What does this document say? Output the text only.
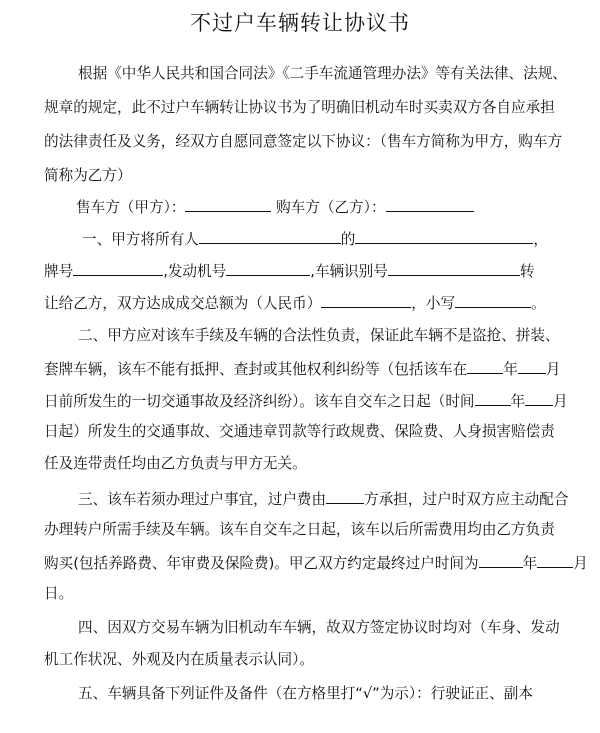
不过户车辆转让协议书
根据《中华人民共和国合同法》《二手车流通管理办法》等有关法律、法规、
规章的规定，此不过户车辆转让协议书为了明确旧机动车时买卖双方各自应承担
的法律责任及义务，经双方自愿同意签定以下协议：（售车方简称为甲方，购车方
简称为乙方）
售车方（甲方）：	购车方（乙方）：
一、甲方将所有人	的	，
牌号	,发动机号	,车辆识别号	转
让给乙方，双方达成成交总额为（人民币）	，小写	。
二、甲方应对该车手续及车辆的合法性负责，保证此车辆不是盗抢、拼装、
套牌车辆，该车不能有抵押、查封或其他权利纠纷等（包括该车在 年 月
日前所发生的一切交通事故及经济纠纷）。该车自交车之日起（时间 年 月
日起）所发生的交通事故、交通违章罚款等行政规费、保险费、人身损害赔偿责
任及连带责任均由乙方负责与甲方无关。
三、该车若须办理过户事宜，过户费由	方承担，过户时双方应主动配合
办理转户所需手续及车辆。该车自交车之日起，该车以后所需费用均由乙方负责
购买(包括养路费、年审费及保险费)。甲乙双方约定最终过户时间为	年 月
日。
四、因双方交易车辆为旧机动车车辆，故双方签定协议时均对（车身、发动
机工作状况、外观及内在质量表示认同）。
五、车辆具备下列证件及备件（在方格里打“√”为示）：行驶证正、副本
